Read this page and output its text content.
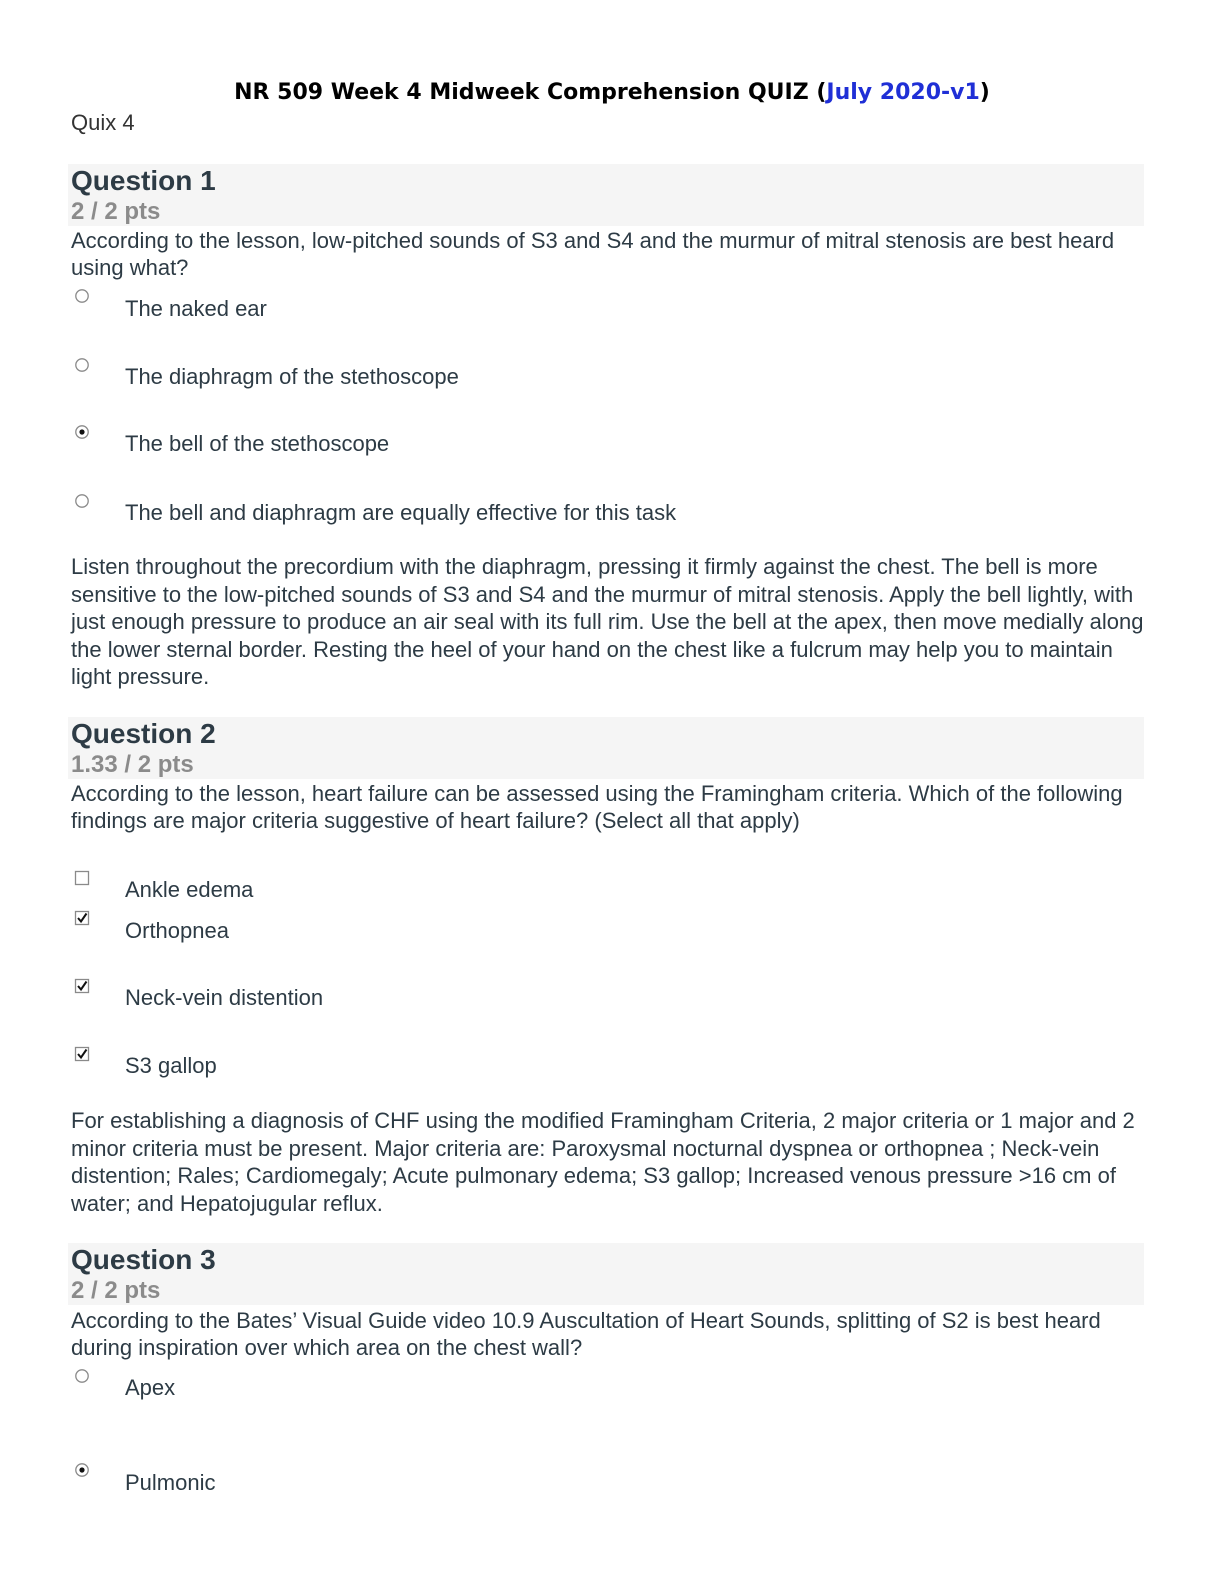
NR 509 Week 4 Midweek Comprehension QUIZ (July 2020-v1)
Quix 4
Question 1
2 / 2 pts
According to the lesson, low-pitched sounds of S3 and S4 and the murmur of mitral stenosis are best heard using what?
The naked ear
The diaphragm of the stethoscope
The bell of the stethoscope
The bell and diaphragm are equally effective for this task
Listen throughout the precordium with the diaphragm, pressing it firmly against the chest. The bell is more sensitive to the low-pitched sounds of S3 and S4 and the murmur of mitral stenosis. Apply the bell lightly, with just enough pressure to produce an air seal with its full rim. Use the bell at the apex, then move medially along the lower sternal border. Resting the heel of your hand on the chest like a fulcrum may help you to maintain light pressure.
Question 2
1.33 / 2 pts
According to the lesson, heart failure can be assessed using the Framingham criteria. Which of the following findings are major criteria suggestive of heart failure? (Select all that apply)
Ankle edema
Orthopnea
Neck-vein distention
S3 gallop
For establishing a diagnosis of CHF using the modified Framingham Criteria, 2 major criteria or 1 major and 2 minor criteria must be present. Major criteria are: Paroxysmal nocturnal dyspnea or orthopnea ; Neck-vein distention; Rales; Cardiomegaly; Acute pulmonary edema; S3 gallop; Increased venous pressure >16 cm of water; and Hepatojugular reflux.
Question 3
2 / 2 pts
According to the Bates’ Visual Guide video 10.9 Auscultation of Heart Sounds, splitting of S2 is best heard during inspiration over which area on the chest wall?
Apex
Pulmonic
